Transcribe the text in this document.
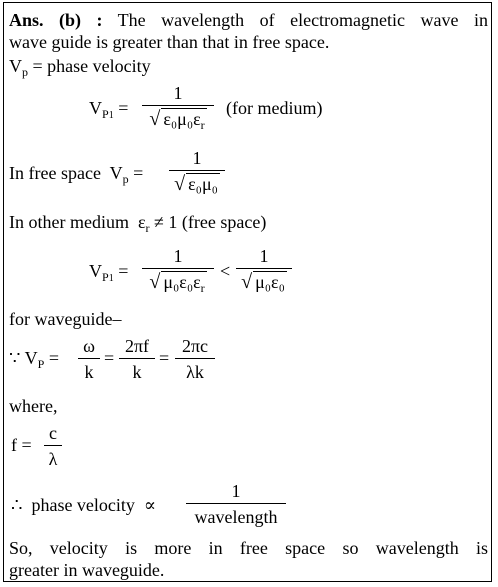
Ans. (b) : The wavelength of electromagnetic wave in
wave guide is greater than that in free space.
$V_p$ = phase velocity
$V_{P1}$ =
1
√ $\varepsilon_0\mu_0\varepsilon_r$
(for medium)
In free space $V_p$ =
1
√ ε₀μ₀
In other medium $\varepsilon_r \ne 1$ (free space)
$V_{P1}$ =
1
√ $\mu_0\varepsilon_0\varepsilon_r$
<
1
√ μ₀ε₀
for waveguide–
∵ $V_P$ =
ω
k
=
2πf
k
=
2πc
λk
where,
f =
c
λ
∴ phase velocity ∝
1
wavelength
So, velocity is more in free space so wavelength is
greater in waveguide.
